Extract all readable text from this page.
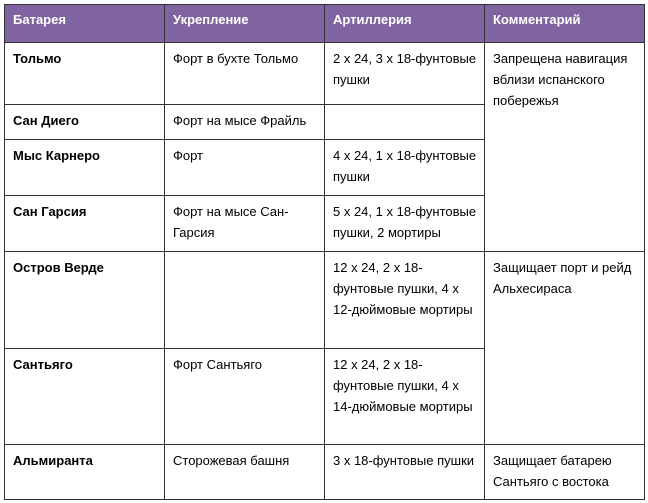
Батарея	Укрепление	Артиллерия	Комментарий
Тольмо	Форт в бухте Тольмо	2 x 24, 3 x 18-фунтовые пушки	Запрещена навигация вблизи испанского побережья
Сан Диего	Форт на мысе Фрайль		
Мыс Карнеро	Форт	4 x 24, 1 x 18-фунтовые пушки	
Сан Гарсия	Форт на мысе Сан-Гарсия	5 x 24, 1 x 18-фунтовые пушки, 2 мортиры	
Остров Верде		12 x 24, 2 x 18-фунтовые пушки, 4 x 12-дюймовые мортиры	Защищает порт и рейд Альхесираса
Сантьяго	Форт Сантьяго	12 x 24, 2 x 18-фунтовые пушки, 4 x 14-дюймовые мортиры	
Альмиранта	Сторожевая башня	3 x 18-фунтовые пушки	Защищает батарею Сантьяго с востока
